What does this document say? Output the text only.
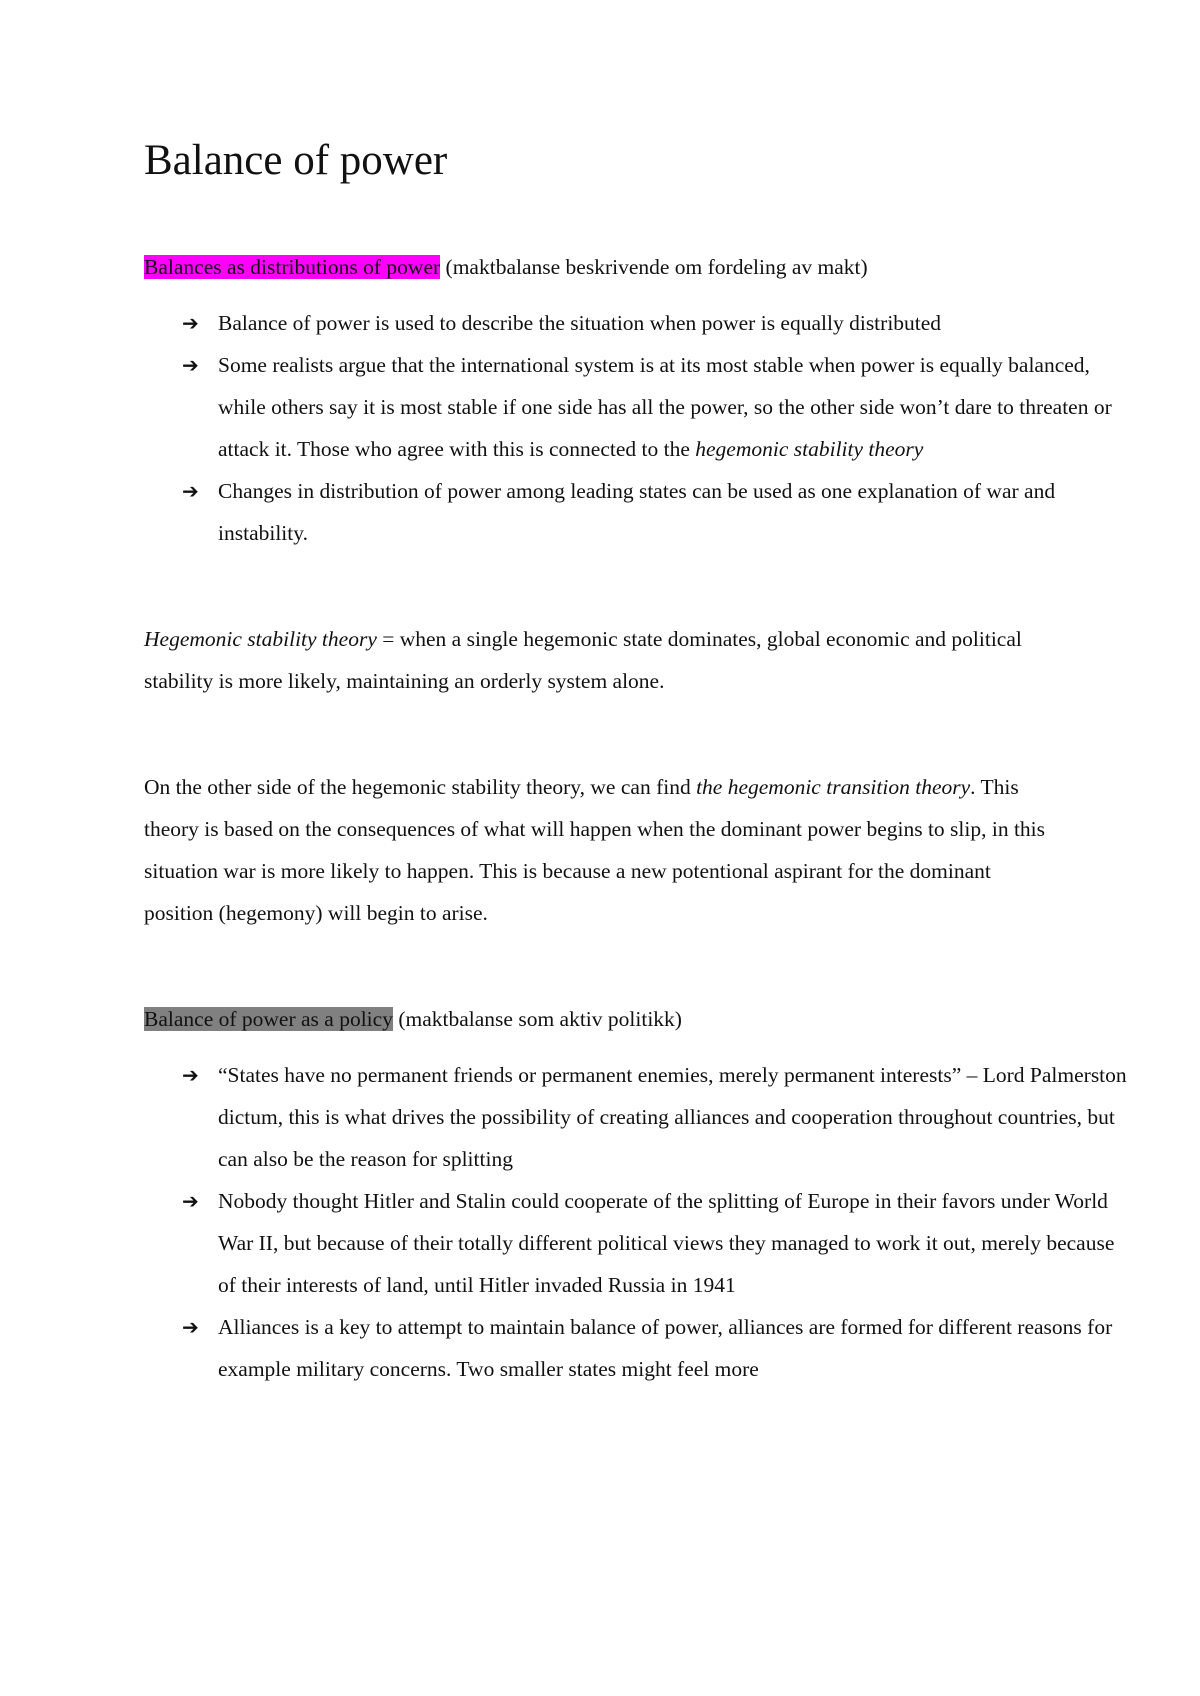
Balance of power
Balances as distributions of power (maktbalanse beskrivende om fordeling av makt)
➔ Balance of power is used to describe the situation when power is equally distributed
➔ Some realists argue that the international system is at its most stable when power is equally balanced, while others say it is most stable if one side has all the power, so the other side won’t dare to threaten or attack it. Those who agree with this is connected to the hegemonic stability theory
➔ Changes in distribution of power among leading states can be used as one explanation of war and instability.

Hegemonic stability theory = when a single hegemonic state dominates, global economic and political stability is more likely, maintaining an orderly system alone.

On the other side of the hegemonic stability theory, we can find the hegemonic transition theory. This theory is based on the consequences of what will happen when the dominant power begins to slip, in this situation war is more likely to happen. This is because a new potentional aspirant for the dominant position (hegemony) will begin to arise.

Balance of power as a policy (maktbalanse som aktiv politikk)
➔ “States have no permanent friends or permanent enemies, merely permanent interests” – Lord Palmerston dictum, this is what drives the possibility of creating alliances and cooperation throughout countries, but can also be the reason for splitting
➔ Nobody thought Hitler and Stalin could cooperate of the splitting of Europe in their favors under World War II, but because of their totally different political views they managed to work it out, merely because of their interests of land, until Hitler invaded Russia in 1941
➔ Alliances is a key to attempt to maintain balance of power, alliances are formed for different reasons for example military concerns. Two smaller states might feel more
